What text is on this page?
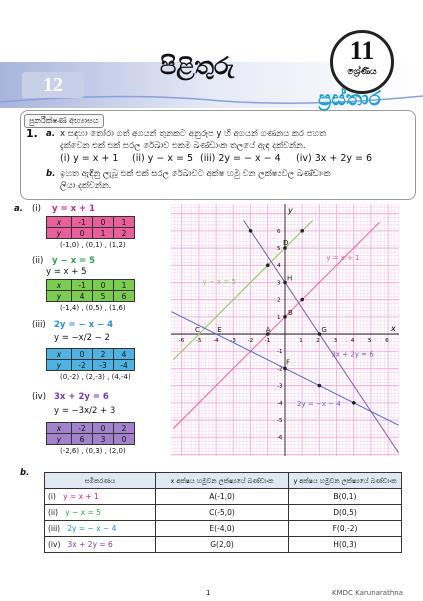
12
පිළිතුරු
11
ශ්‍රේණිය
ප්‍රස්තාර
පුනරීක්ෂණ අභ්‍යාසය
1. a. x සඳහා තෝරා ගත් අගයන් තුනකට අනුරූප y හි අගයන් ගණනය කර පහත
දැක්වෙන එක් එක් සරල රේඛාව එකම ඛණ්ඩාංක තලයේ ඇඳ දක්වන්න.
(i) y = x + 1 (ii) y − x = 5 (iii) 2y = − x − 4 (iv) 3x + 2y = 6
b. ඉහත ඇඳීනු ලැබූ එක් එක් සරල රේඛාවට අක්ෂ හමු වන ලක්ෂ්‍යවල ඛණ්ඩාංක
ලියා දක්වන්න.
a. (i) y = x + 1
x	-1	0	1
y	0	1	2
(-1,0) , (0,1) , (1,2)
(ii) y − x = 5
y = x + 5
x	-1	0	1
y	4	5	6
(-1,4) , (0,5) , (1,6)
(iii) 2y = − x − 4
y = −x/2 − 2
x	0	2	4
y	-2	-3	-4
(0,-2) , (2,-3) , (4,-4)
(iv) 3x + 2y = 6
y = −3x/2 + 3
x	-2	0	2
y	6	3	0
(-2,6) , (0,3) , (2,0)
x
y
-6 -5 -4 -3 -2 -1	1 2 3 4 5 6
6
5
4
3
2
1
-1
-2
-3
-4
-5
-6
A
B
C
D
E
F
G
H
y = x + 1
y − x = 5
2y = −x − 4
3x + 2y = 6
b.
සමීකරණය	x අක්ෂය හමුවන ලක්ෂ්‍යයේ ඛණ්ඩාංක	y අක්ෂය හමුවන ලක්ෂ්‍යයේ ඛණ්ඩාංක
(i) y = x + 1	A(-1,0)	B(0,1)
(ii) y − x = 5	C(-5,0)	D(0,5)
(iii) 2y = − x − 4	E(-4,0)	F(0,-2)
(iv) 3x + 2y = 6	G(2,0)	H(0,3)
1	KMDC Karunarathna
